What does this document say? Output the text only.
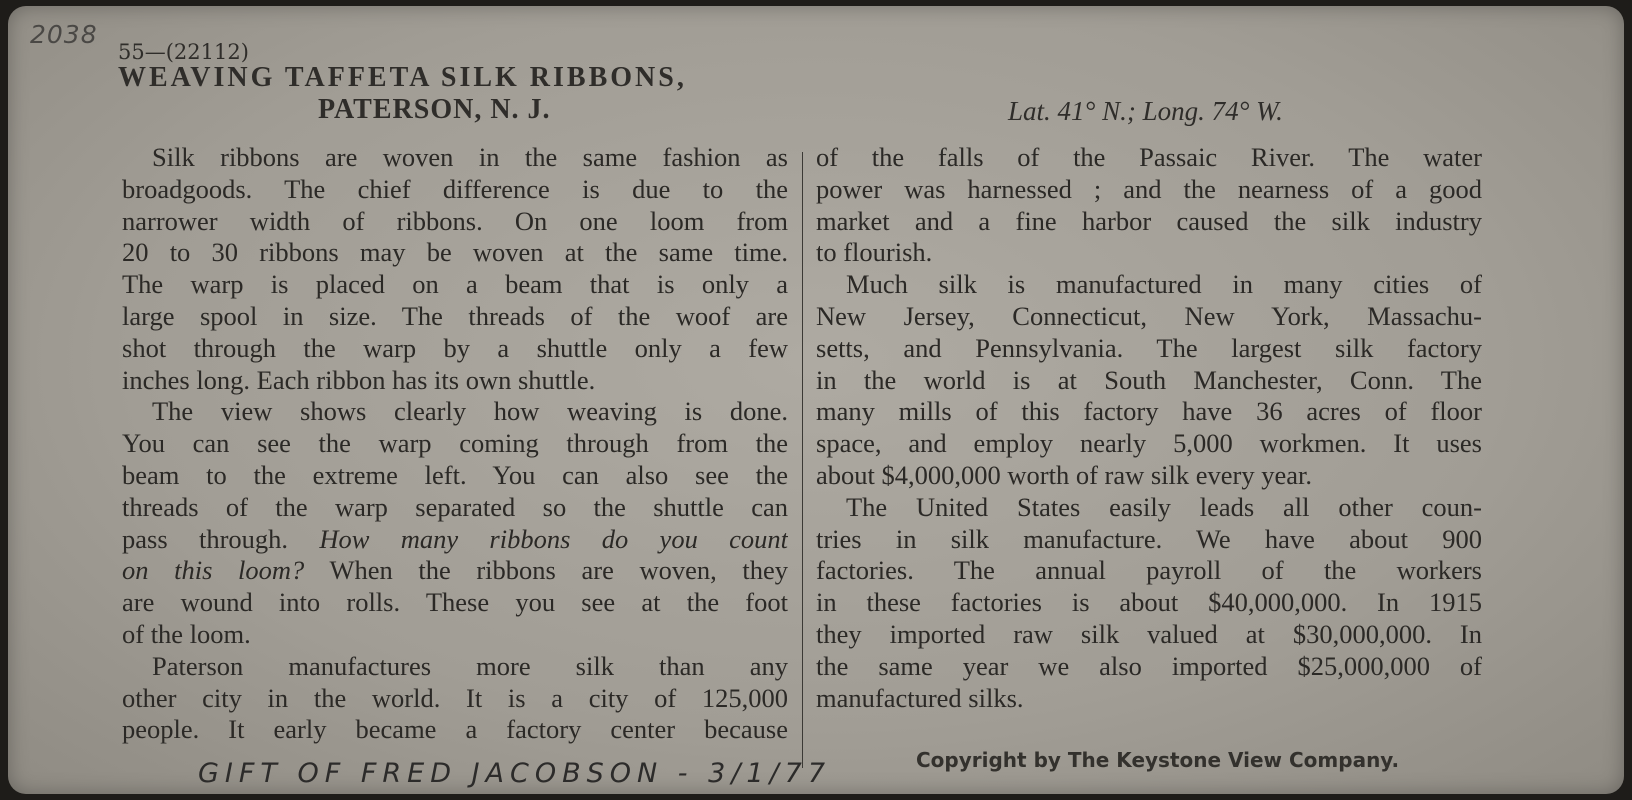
2038
55—(22112)
WEAVING TAFFETA SILK RIBBONS,
PATERSON, N. J.	Lat. 41° N.; Long. 74° W.
Silk ribbons are woven in the same fashion as
broadgoods. The chief difference is due to the
narrower width of ribbons. On one loom from
20 to 30 ribbons may be woven at the same time.
The warp is placed on a beam that is only a
large spool in size. The threads of the woof are
shot through the warp by a shuttle only a few
inches long. Each ribbon has its own shuttle.
The view shows clearly how weaving is done.
You can see the warp coming through from the
beam to the extreme left. You can also see the
threads of the warp separated so the shuttle can
pass through. How many ribbons do you count
on this loom? When the ribbons are woven, they
are wound into rolls. These you see at the foot
of the loom.
Paterson manufactures more silk than any
other city in the world. It is a city of 125,000
people. It early became a factory center because
of the falls of the Passaic River. The water
power was harnessed ; and the nearness of a good
market and a fine harbor caused the silk industry
to flourish.
Much silk is manufactured in many cities of
New Jersey, Connecticut, New York, Massachu-
setts, and Pennsylvania. The largest silk factory
in the world is at South Manchester, Conn. The
many mills of this factory have 36 acres of floor
space, and employ nearly 5,000 workmen. It uses
about $4,000,000 worth of raw silk every year.
The United States easily leads all other coun-
tries in silk manufacture. We have about 900
factories. The annual payroll of the workers
in these factories is about $40,000,000. In 1915
they imported raw silk valued at $30,000,000. In
the same year we also imported $25,000,000 of
manufactured silks.
Copyright by The Keystone View Company.
GIFT OF FRED JACOBSON - 3/1/77
